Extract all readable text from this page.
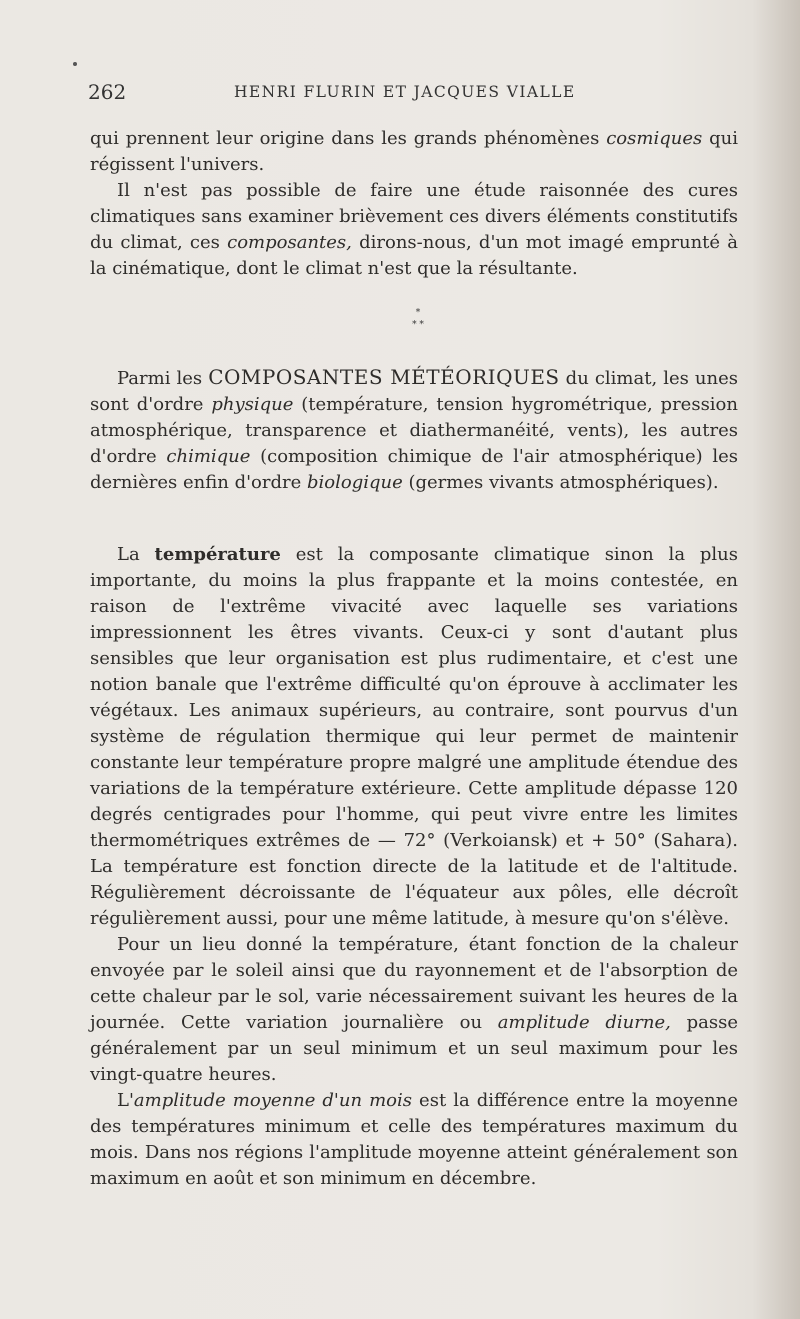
262	HENRI FLURIN ET JACQUES VIALLE

qui prennent leur origine dans les grands phénomènes cosmiques qui régissent l'univers.

Il n'est pas possible de faire une étude raisonnée des cures climatiques sans examiner brièvement ces divers éléments constitutifs du climat, ces composantes, dirons-nous, d'un mot imagé emprunté à la cinématique, dont le climat n'est que la résultante.

*
* *

Parmi les COMPOSANTES MÉTÉORIQUES du climat, les unes sont d'ordre physique (température, tension hygrométrique, pression atmosphérique, transparence et diathermanéité, vents), les autres d'ordre chimique (composition chimique de l'air atmosphérique) les dernières enfin d'ordre biologique (germes vivants atmosphériques).

La température est la composante climatique sinon la plus importante, du moins la plus frappante et la moins contestée, en raison de l'extrême vivacité avec laquelle ses variations impressionnent les êtres vivants. Ceux-ci y sont d'autant plus sensibles que leur organisation est plus rudimentaire, et c'est une notion banale que l'extrême difficulté qu'on éprouve à acclimater les végétaux. Les animaux supérieurs, au contraire, sont pourvus d'un système de régulation thermique qui leur permet de maintenir constante leur température propre malgré une amplitude étendue des variations de la température extérieure. Cette amplitude dépasse 120 degrés centigrades pour l'homme, qui peut vivre entre les limites thermométriques extrêmes de — 72° (Verkoiansk) et + 50° (Sahara). La température est fonction directe de la latitude et de l'altitude. Régulièrement décroissante de l'équateur aux pôles, elle décroît régulièrement aussi, pour une même latitude, à mesure qu'on s'élève.

Pour un lieu donné la température, étant fonction de la chaleur envoyée par le soleil ainsi que du rayonnement et de l'absorption de cette chaleur par le sol, varie nécessairement suivant les heures de la journée. Cette variation journalière ou amplitude diurne, passe généralement par un seul minimum et un seul maximum pour les vingt-quatre heures.

L'amplitude moyenne d'un mois est la différence entre la moyenne des températures minimum et celle des températures maximum du mois. Dans nos régions l'amplitude moyenne atteint généralement son maximum en août et son minimum en décembre.
